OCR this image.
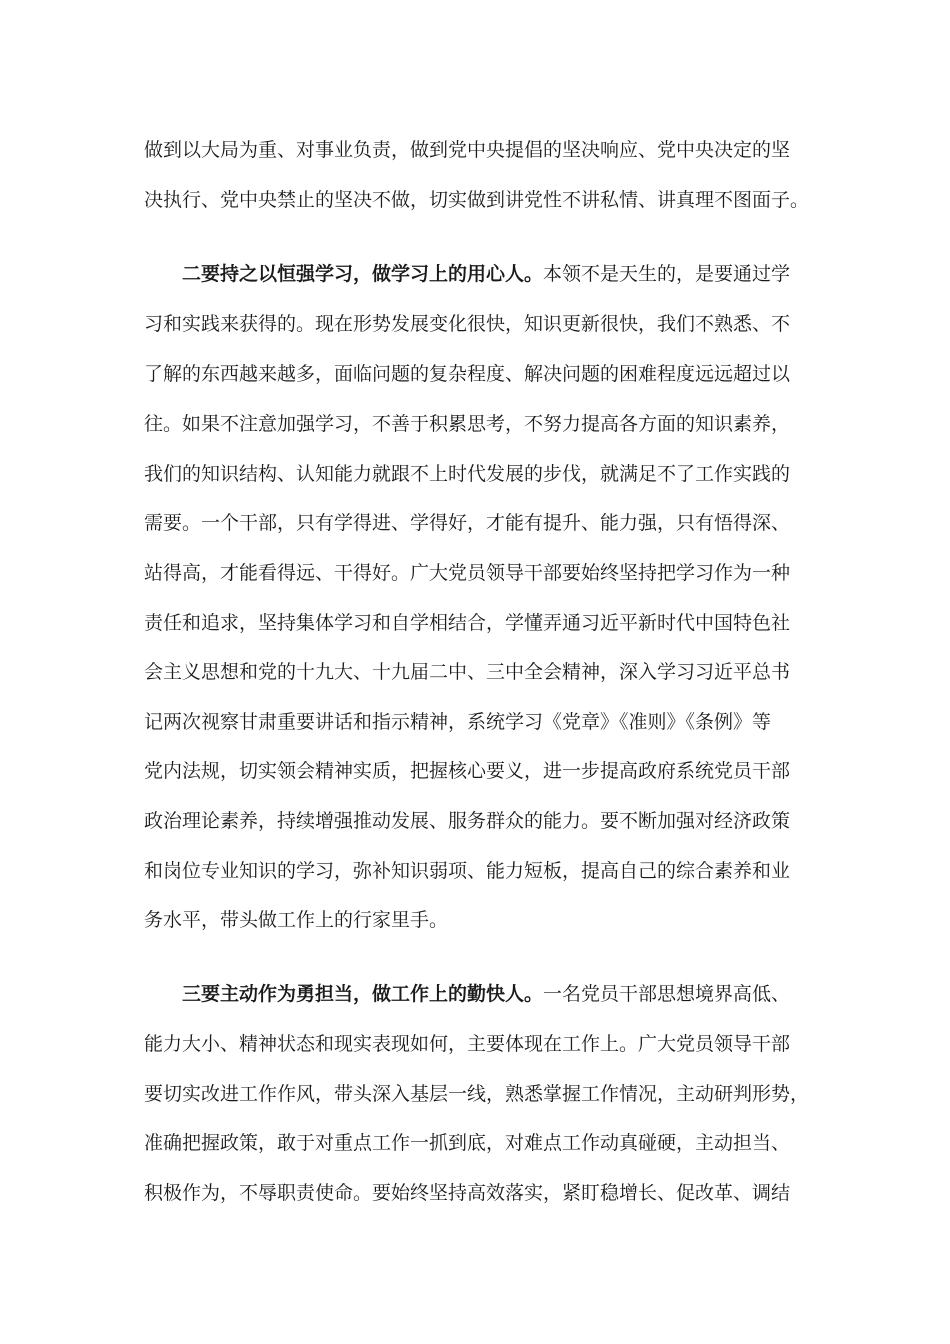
做到以大局为重、对事业负责，做到党中央提倡的坚决响应、党中央决定的坚
决执行、党中央禁止的坚决不做，切实做到讲党性不讲私情、讲真理不图面子。
二要持之以恒强学习，做学习上的用心人。本领不是天生的，是要通过学
习和实践来获得的。现在形势发展变化很快，知识更新很快，我们不熟悉、不
了解的东西越来越多，面临问题的复杂程度、解决问题的困难程度远远超过以
往。如果不注意加强学习，不善于积累思考，不努力提高各方面的知识素养，
我们的知识结构、认知能力就跟不上时代发展的步伐，就满足不了工作实践的
需要。一个干部，只有学得进、学得好，才能有提升、能力强，只有悟得深、
站得高，才能看得远、干得好。广大党员领导干部要始终坚持把学习作为一种
责任和追求，坚持集体学习和自学相结合，学懂弄通习近平新时代中国特色社
会主义思想和党的十九大、十九届二中、三中全会精神，深入学习习近平总书
记两次视察甘肃重要讲话和指示精神，系统学习《党章》《准则》《条例》等
党内法规，切实领会精神实质，把握核心要义，进一步提高政府系统党员干部
政治理论素养，持续增强推动发展、服务群众的能力。要不断加强对经济政策
和岗位专业知识的学习，弥补知识弱项、能力短板，提高自己的综合素养和业
务水平，带头做工作上的行家里手。
三要主动作为勇担当，做工作上的勤快人。一名党员干部思想境界高低、
能力大小、精神状态和现实表现如何，主要体现在工作上。广大党员领导干部
要切实改进工作作风，带头深入基层一线，熟悉掌握工作情况，主动研判形势，
准确把握政策，敢于对重点工作一抓到底，对难点工作动真碰硬，主动担当、
积极作为，不辱职责使命。要始终坚持高效落实，紧盯稳增长、促改革、调结
